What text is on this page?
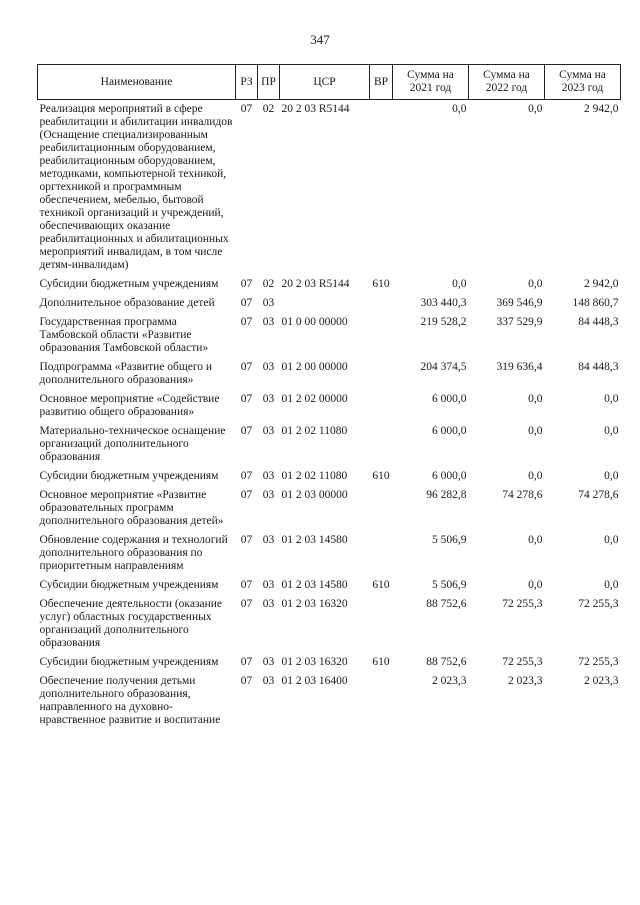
347
Наименование	РЗ	ПР	ЦСР	ВР	Сумма на 2021 год	Сумма на 2022 год	Сумма на 2023 год
Реализация мероприятий в сфере реабилитации и абилитации инвалидов (Оснащение специализированным реабилитационным оборудованием, реабилитационным оборудованием, методиками, компьютерной техникой, оргтехникой и программным обеспечением, мебелью, бытовой техникой организаций и учреждений, обеспечивающих оказание реабилитационных и абилитационных мероприятий инвалидам, в том числе детям-инвалидам)	07	02	20 2 03 R5144		0,0	0,0	2 942,0
Субсидии бюджетным учреждениям	07	02	20 2 03 R5144	610	0,0	0,0	2 942,0
Дополнительное образование детей	07	03			303 440,3	369 546,9	148 860,7
Государственная программа Тамбовской области «Развитие образования Тамбовской области»	07	03	01 0 00 00000		219 528,2	337 529,9	84 448,3
Подпрограмма «Развитие общего и дополнительного образования»	07	03	01 2 00 00000		204 374,5	319 636,4	84 448,3
Основное мероприятие «Содействие развитию общего образования»	07	03	01 2 02 00000		6 000,0	0,0	0,0
Материально-техническое оснащение организаций дополнительного образования	07	03	01 2 02 11080		6 000,0	0,0	0,0
Субсидии бюджетным учреждениям	07	03	01 2 02 11080	610	6 000,0	0,0	0,0
Основное мероприятие «Развитие образовательных программ дополнительного образования детей»	07	03	01 2 03 00000		96 282,8	74 278,6	74 278,6
Обновление содержания и технологий дополнительного образования по приоритетным направлениям	07	03	01 2 03 14580		5 506,9	0,0	0,0
Субсидии бюджетным учреждениям	07	03	01 2 03 14580	610	5 506,9	0,0	0,0
Обеспечение деятельности (оказание услуг) областных государственных организаций дополнительного образования	07	03	01 2 03 16320		88 752,6	72 255,3	72 255,3
Субсидии бюджетным учреждениям	07	03	01 2 03 16320	610	88 752,6	72 255,3	72 255,3
Обеспечение получения детьми дополнительного образования, направленного на духовно-нравственное развитие и воспитание	07	03	01 2 03 16400		2 023,3	2 023,3	2 023,3
